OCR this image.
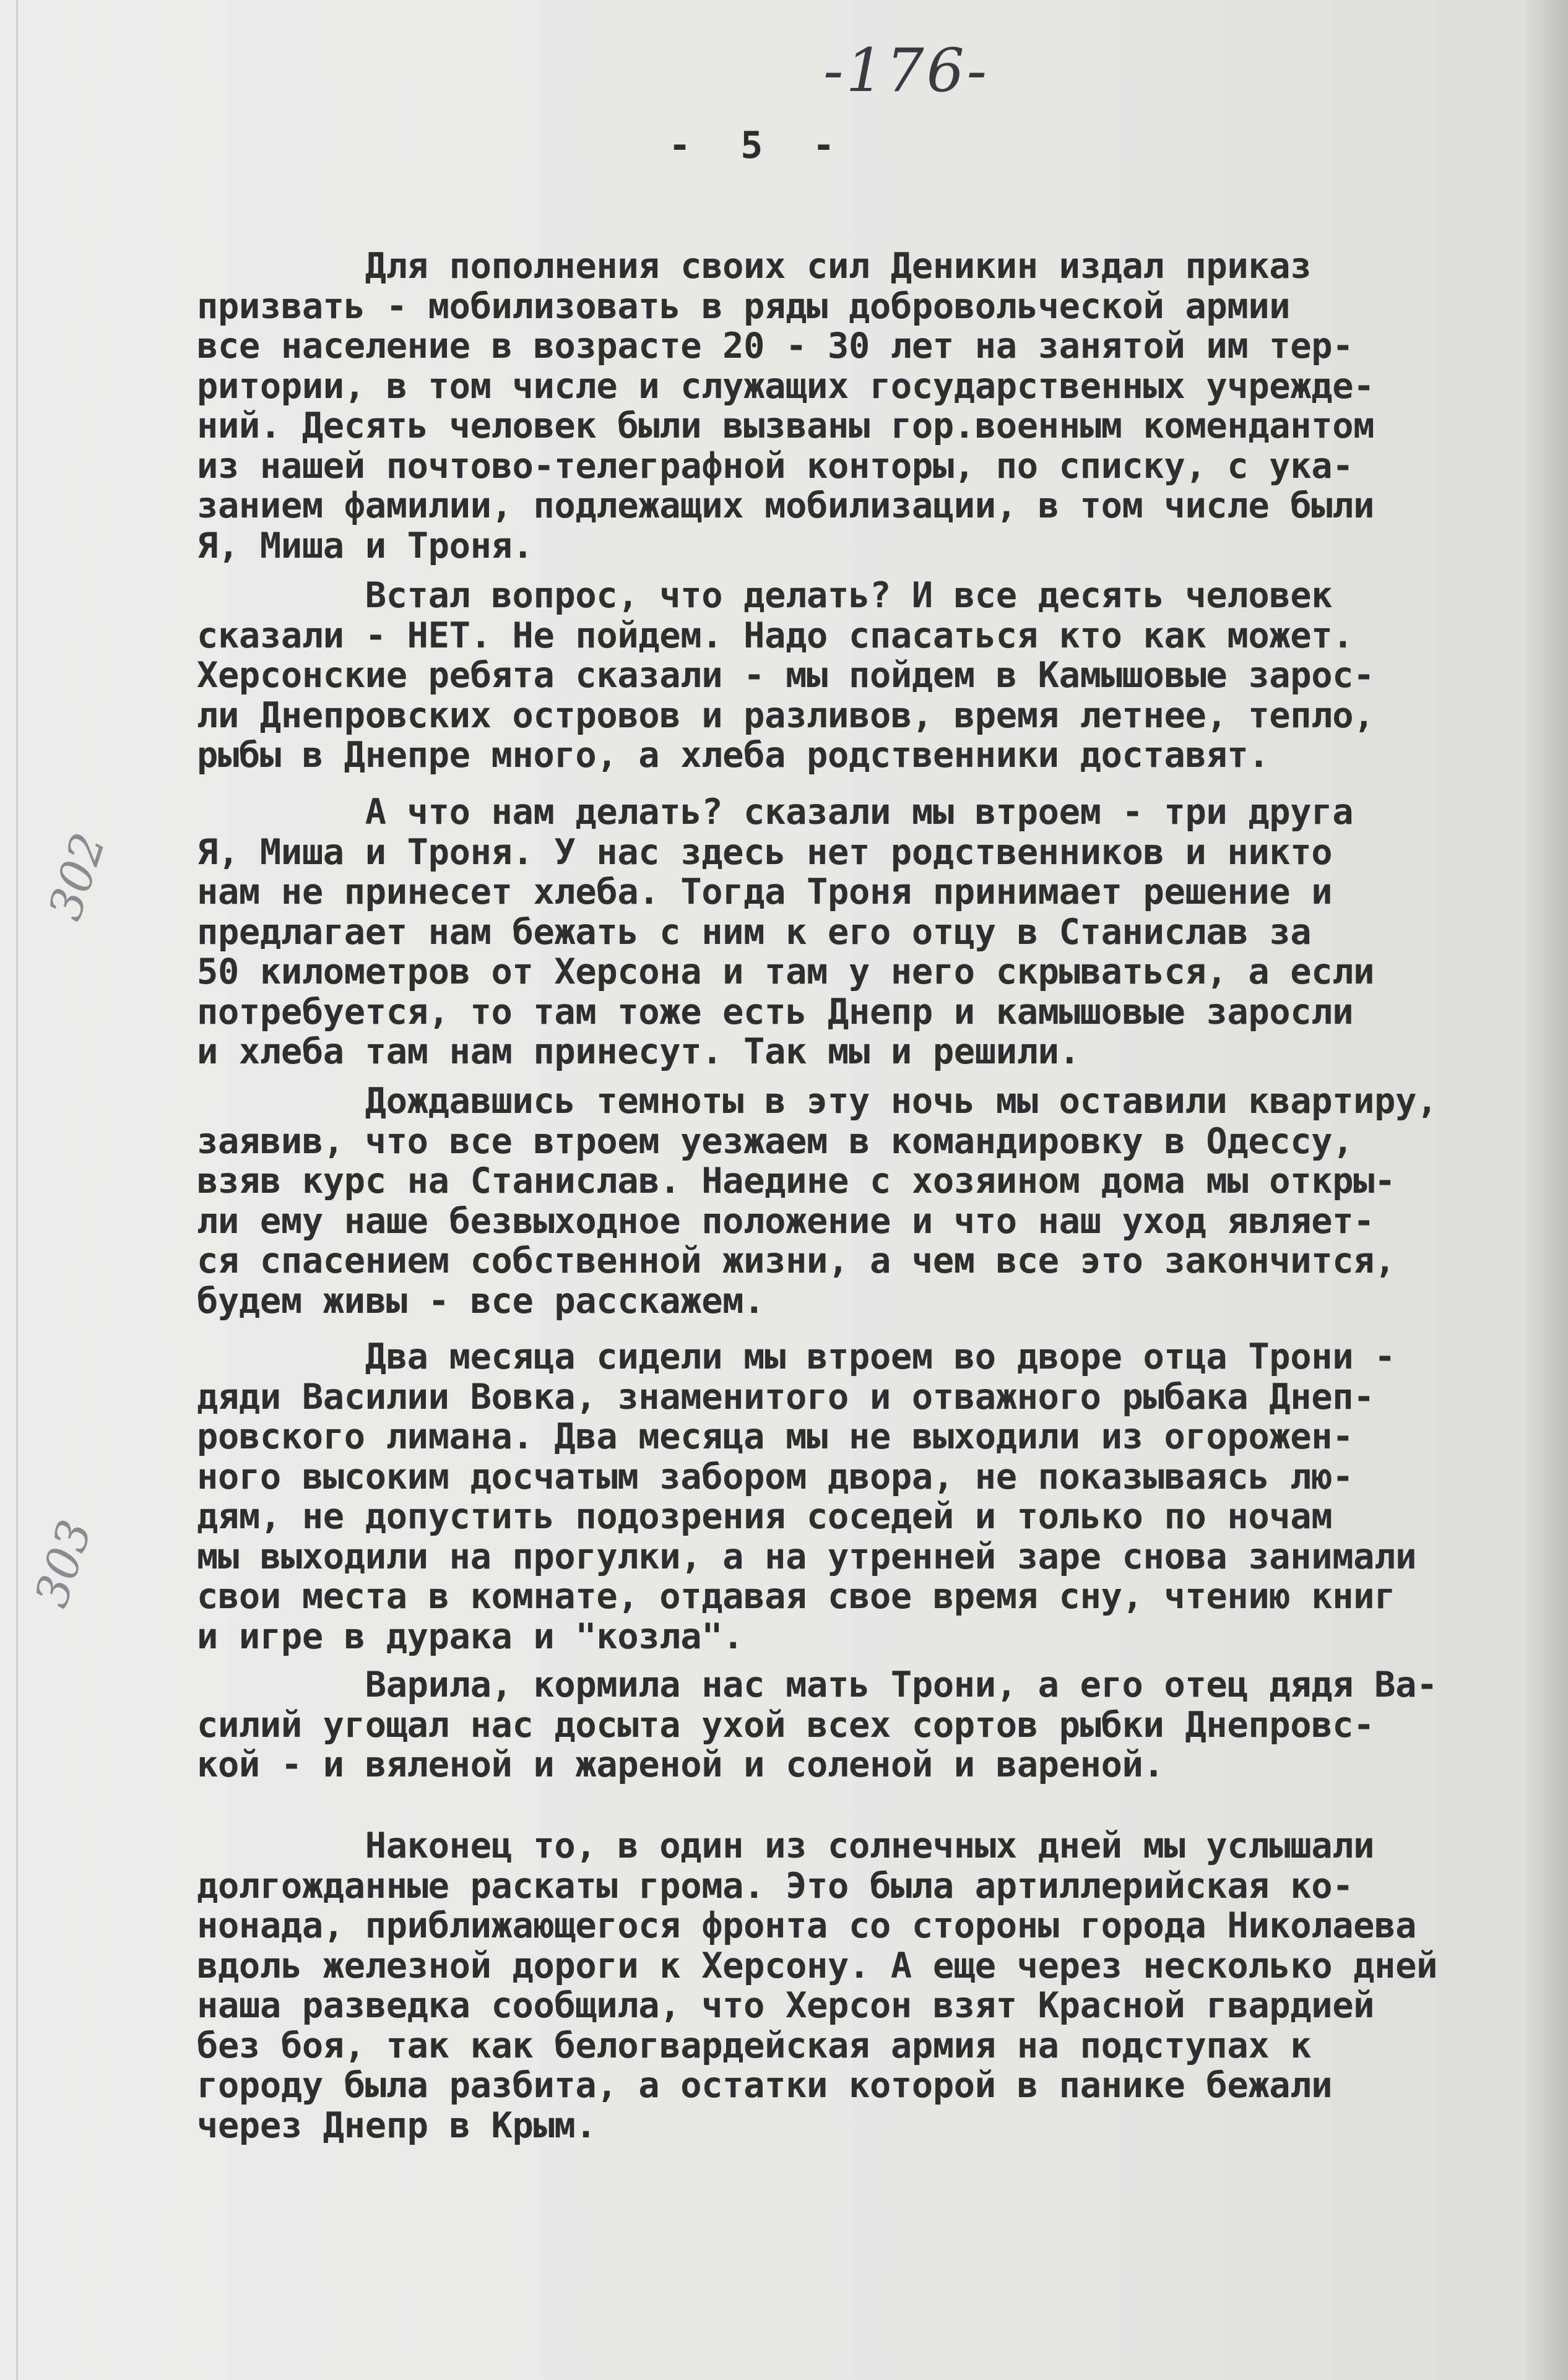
-176-
- 5 -
302
303
Для пополнения своих сил Деникин издал приказ
призвать - мобилизовать в ряды добровольческой армии
все население в возрасте 20 - 30 лет на занятой им тер-
ритории, в том числе и служащих государственных учрежде-
ний. Десять человек были вызваны гор.военным комендантом
из нашей почтово-телеграфной конторы, по списку, с ука-
занием фамилии, подлежащих мобилизации, в том числе были
Я, Миша и Троня.
Встал вопрос, что делать? И все десять человек
сказали - НЕТ. Не пойдем. Надо спасаться кто как может.
Херсонские ребята сказали - мы пойдем в Камышовые зарос-
ли Днепровских островов и разливов, время летнее, тепло,
рыбы в Днепре много, а хлеба родственники доставят.
А что нам делать? сказали мы втроем - три друга
Я, Миша и Троня. У нас здесь нет родственников и никто
нам не принесет хлеба. Тогда Троня принимает решение и
предлагает нам бежать с ним к его отцу в Станислав за
50 километров от Херсона и там у него скрываться, а если
потребуется, то там тоже есть Днепр и камышовые заросли
и хлеба там нам принесут. Так мы и решили.
Дождавшись темноты в эту ночь мы оставили квартиру,
заявив, что все втроем уезжаем в командировку в Одессу,
взяв курс на Станислав. Наедине с хозяином дома мы откры-
ли ему наше безвыходное положение и что наш уход являет-
ся спасением собственной жизни, а чем все это закончится,
будем живы - все расскажем.
Два месяца сидели мы втроем во дворе отца Трони -
дяди Василии Вовка, знаменитого и отважного рыбака Днеп-
ровского лимана. Два месяца мы не выходили из огорожен-
ного высоким досчатым забором двора, не показываясь лю-
дям, не допустить подозрения соседей и только по ночам
мы выходили на прогулки, а на утренней заре снова занимали
свои места в комнате, отдавая свое время сну, чтению книг
и игре в дурака и "козла".
Варила, кормила нас мать Трони, а его отец дядя Ва-
силий угощал нас досыта ухой всех сортов рыбки Днепровс-
кой - и вяленой и жареной и соленой и вареной.
Наконец то, в один из солнечных дней мы услышали
долгожданные раскаты грома. Это была артиллерийская ко-
нонада, приближающегося фронта со стороны города Николаева
вдоль железной дороги к Херсону. А еще через несколько дней
наша разведка сообщила, что Херсон взят Красной гвардией
без боя, так как белогвардейская армия на подступах к
городу была разбита, а остатки которой в панике бежали
через Днепр в Крым.
